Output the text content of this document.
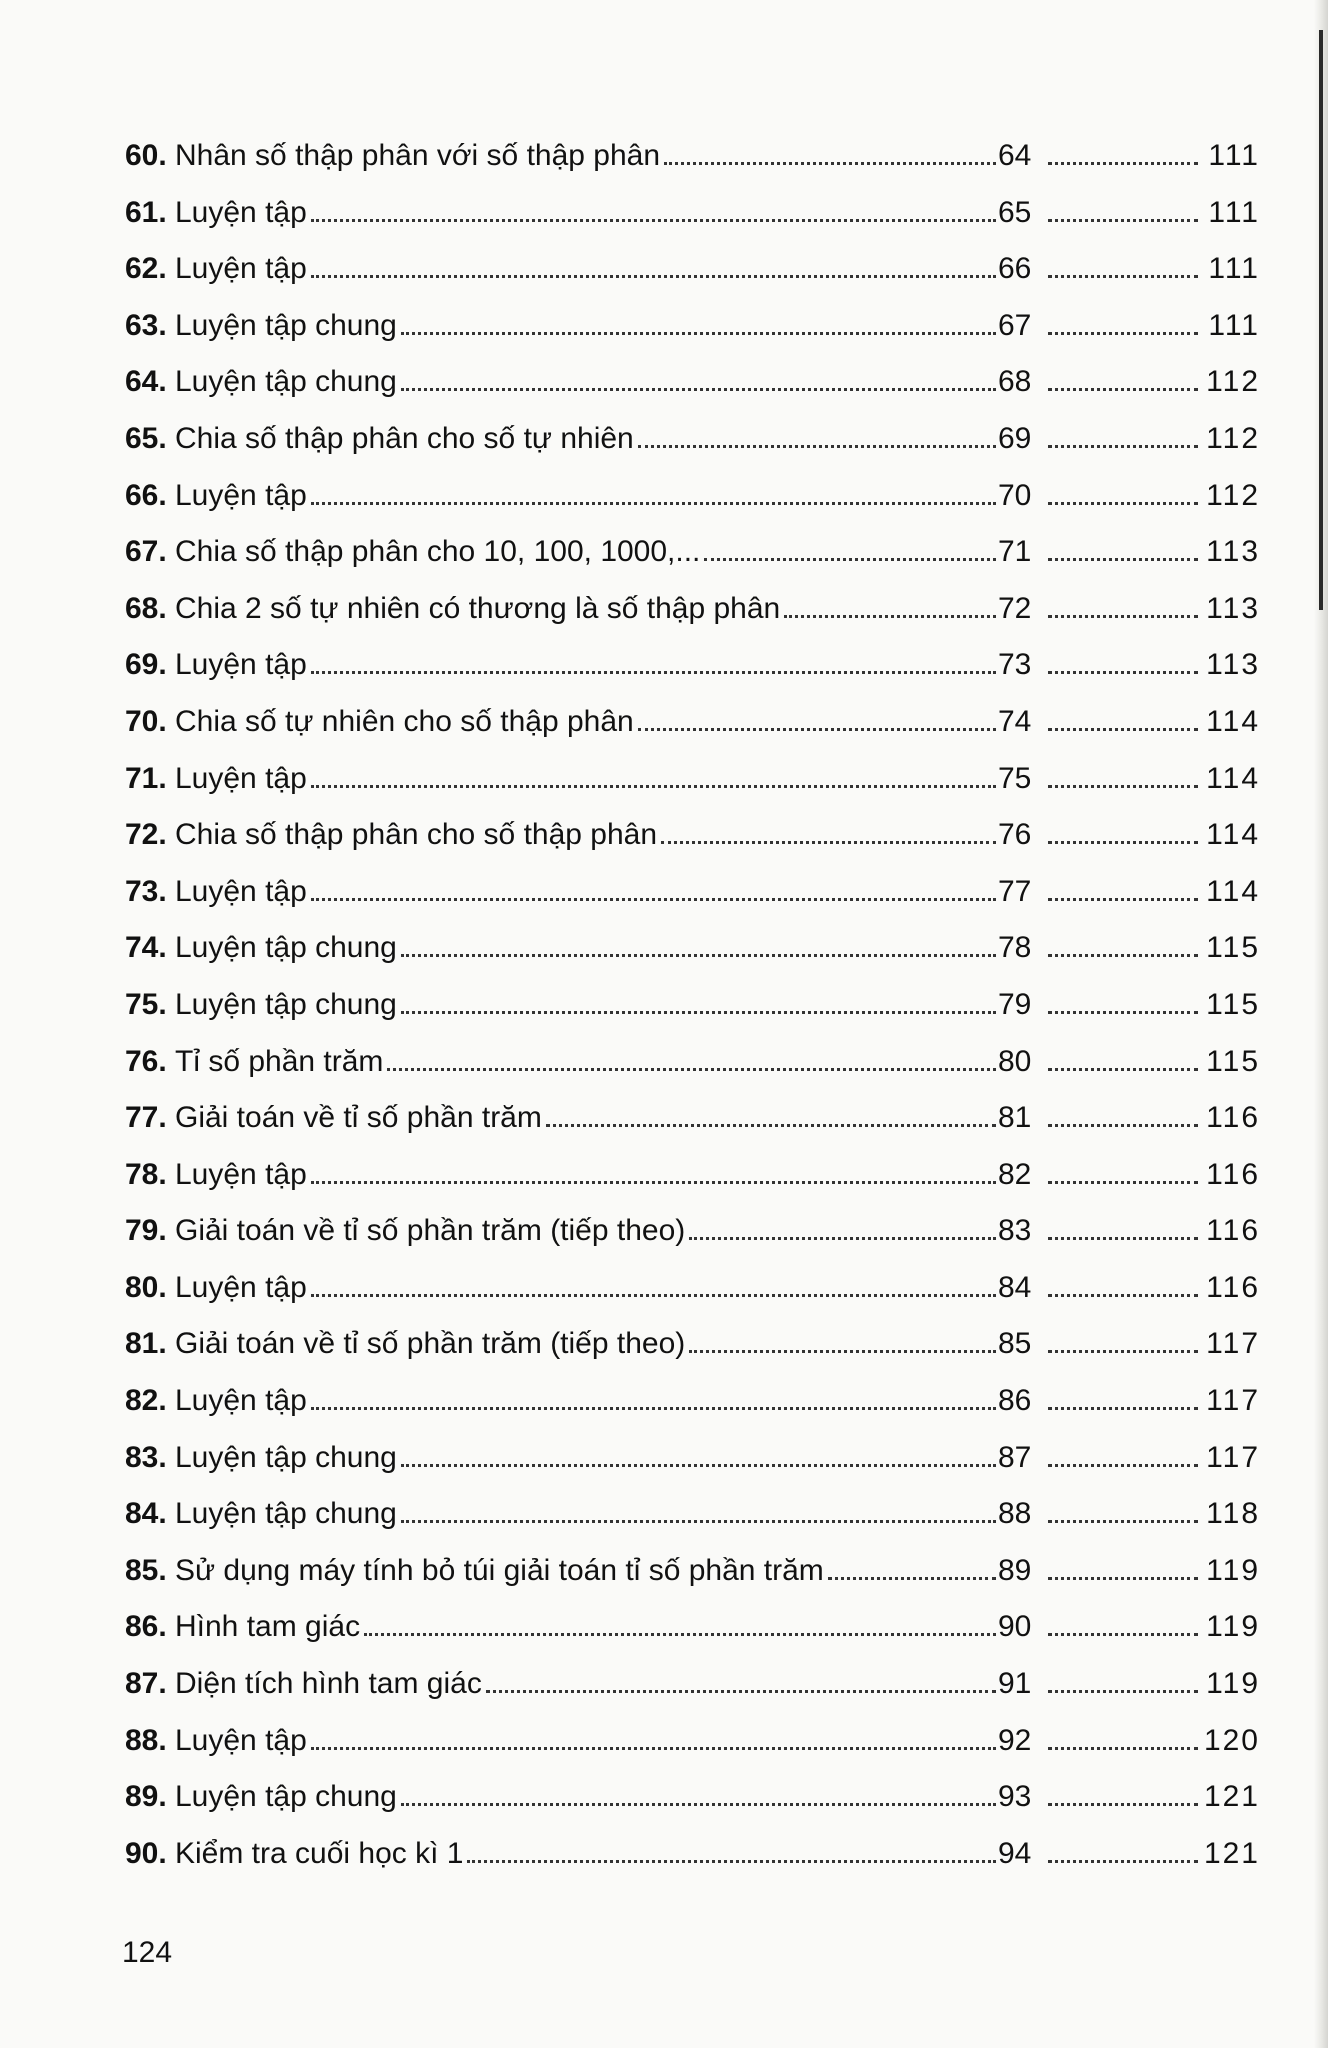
60. Nhân số thập phân với số thập phân	64	111
61. Luyện tập	65	111
62. Luyện tập	66	111
63. Luyện tập chung	67	111
64. Luyện tập chung	68	112
65. Chia số thập phân cho số tự nhiên	69	112
66. Luyện tập	70	112
67. Chia số thập phân cho 10, 100, 1000,...	71	113
68. Chia 2 số tự nhiên có thương là số thập phân	72	113
69. Luyện tập	73	113
70. Chia số tự nhiên cho số thập phân	74	114
71. Luyện tập	75	114
72. Chia số thập phân cho số thập phân	76	114
73. Luyện tập	77	114
74. Luyện tập chung	78	115
75. Luyện tập chung	79	115
76. Tỉ số phần trăm	80	115
77. Giải toán về tỉ số phần trăm	81	116
78. Luyện tập	82	116
79. Giải toán về tỉ số phần trăm (tiếp theo)	83	116
80. Luyện tập	84	116
81. Giải toán về tỉ số phần trăm (tiếp theo)	85	117
82. Luyện tập	86	117
83. Luyện tập chung	87	117
84. Luyện tập chung	88	118
85. Sử dụng máy tính bỏ túi giải toán tỉ số phần trăm	89	119
86. Hình tam giác	90	119
87. Diện tích hình tam giác	91	119
88. Luyện tập	92	120
89. Luyện tập chung	93	121
90. Kiểm tra cuối học kì 1	94	121
124
